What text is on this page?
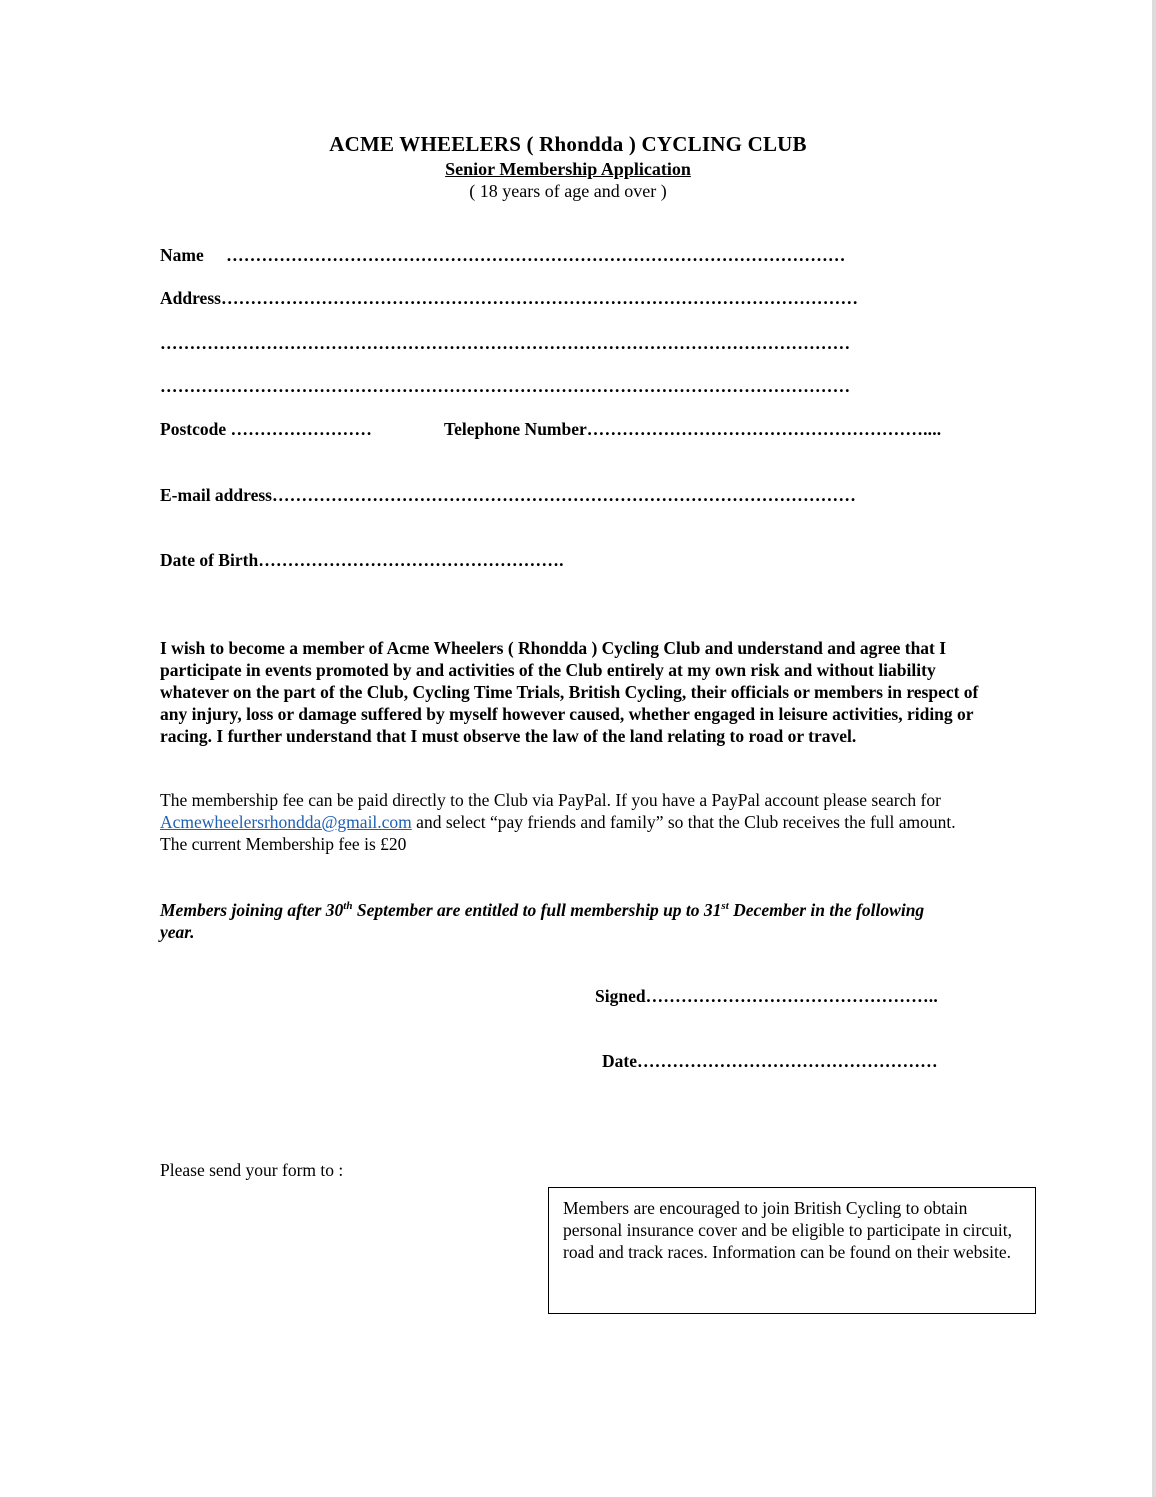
ACME WHEELERS ( Rhondda ) CYCLING CLUB
Senior Membership Application
( 18 years of age and over )
Name ……………………………………………………………………………………………
Address………………………………………………………………………………………………
………………………………………………………………………………………………………
………………………………………………………………………………………………………
Postcode ……………………	Telephone Number…………………………………………………....
E-mail address………………………………………………………………………………………
Date of Birth…………………………………………….
I wish to become a member of Acme Wheelers ( Rhondda ) Cycling Club and understand and agree that I participate in events promoted by and activities of the Club entirely at my own risk and without liability whatever on the part of the Club, Cycling Time Trials, British Cycling, their officials or members in respect of any injury, loss or damage suffered by myself however caused, whether engaged in leisure activities, riding or racing. I further understand that I must observe the law of the land relating to road or travel.
The membership fee can be paid directly to the Club via PayPal. If you have a PayPal account please search for Acmewheelersrhondda@gmail.com and select “pay friends and family” so that the Club receives the full amount.
The current Membership fee is £20
Members joining after 30th September are entitled to full membership up to 31st December in the following year.
Signed…………………………………………..
Date……………………………………………
Please send your form to :
Members are encouraged to join British Cycling to obtain personal insurance cover and be eligible to participate in circuit, road and track races. Information can be found on their website.
